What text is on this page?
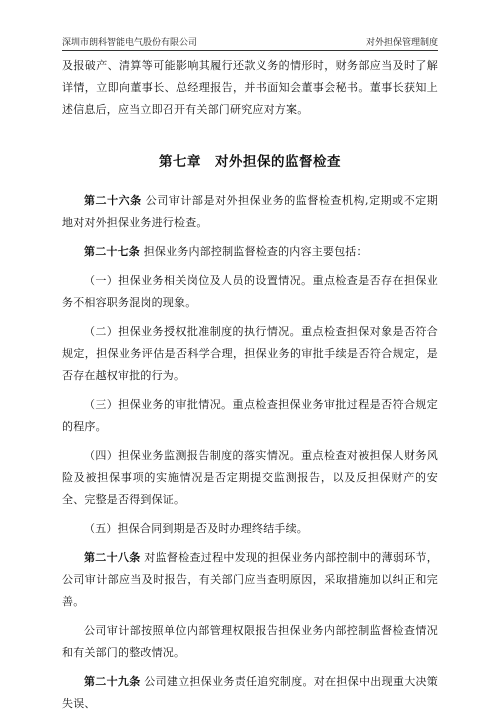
深圳市朗科智能电气股份有限公司	对外担保管理制度

及报破产、清算等可能影响其履行还款义务的情形时，财务部应当及时了解详情，立即向董事长、总经理报告，并书面知会董事会秘书。董事长获知上述信息后，应当立即召开有关部门研究应对方案。

第七章　对外担保的监督检查

第二十六条 公司审计部是对外担保业务的监督检查机构,定期或不定期地对对外担保业务进行检查。

第二十七条 担保业务内部控制监督检查的内容主要包括：

（一）担保业务相关岗位及人员的设置情况。重点检查是否存在担保业务不相容职务混岗的现象。

（二）担保业务授权批准制度的执行情况。重点检查担保对象是否符合规定，担保业务评估是否科学合理，担保业务的审批手续是否符合规定，是否存在越权审批的行为。

（三）担保业务的审批情况。重点检查担保业务审批过程是否符合规定的程序。

（四）担保业务监测报告制度的落实情况。重点检查对被担保人财务风险及被担保事项的实施情况是否定期提交监测报告，以及反担保财产的安全、完整是否得到保证。

（五）担保合同到期是否及时办理终结手续。

第二十八条 对监督检查过程中发现的担保业务内部控制中的薄弱环节，公司审计部应当及时报告，有关部门应当查明原因，采取措施加以纠正和完善。

公司审计部按照单位内部管理权限报告担保业务内部控制监督检查情况和有关部门的整改情况。

第二十九条 公司建立担保业务责任追究制度。对在担保中出现重大决策失误、
